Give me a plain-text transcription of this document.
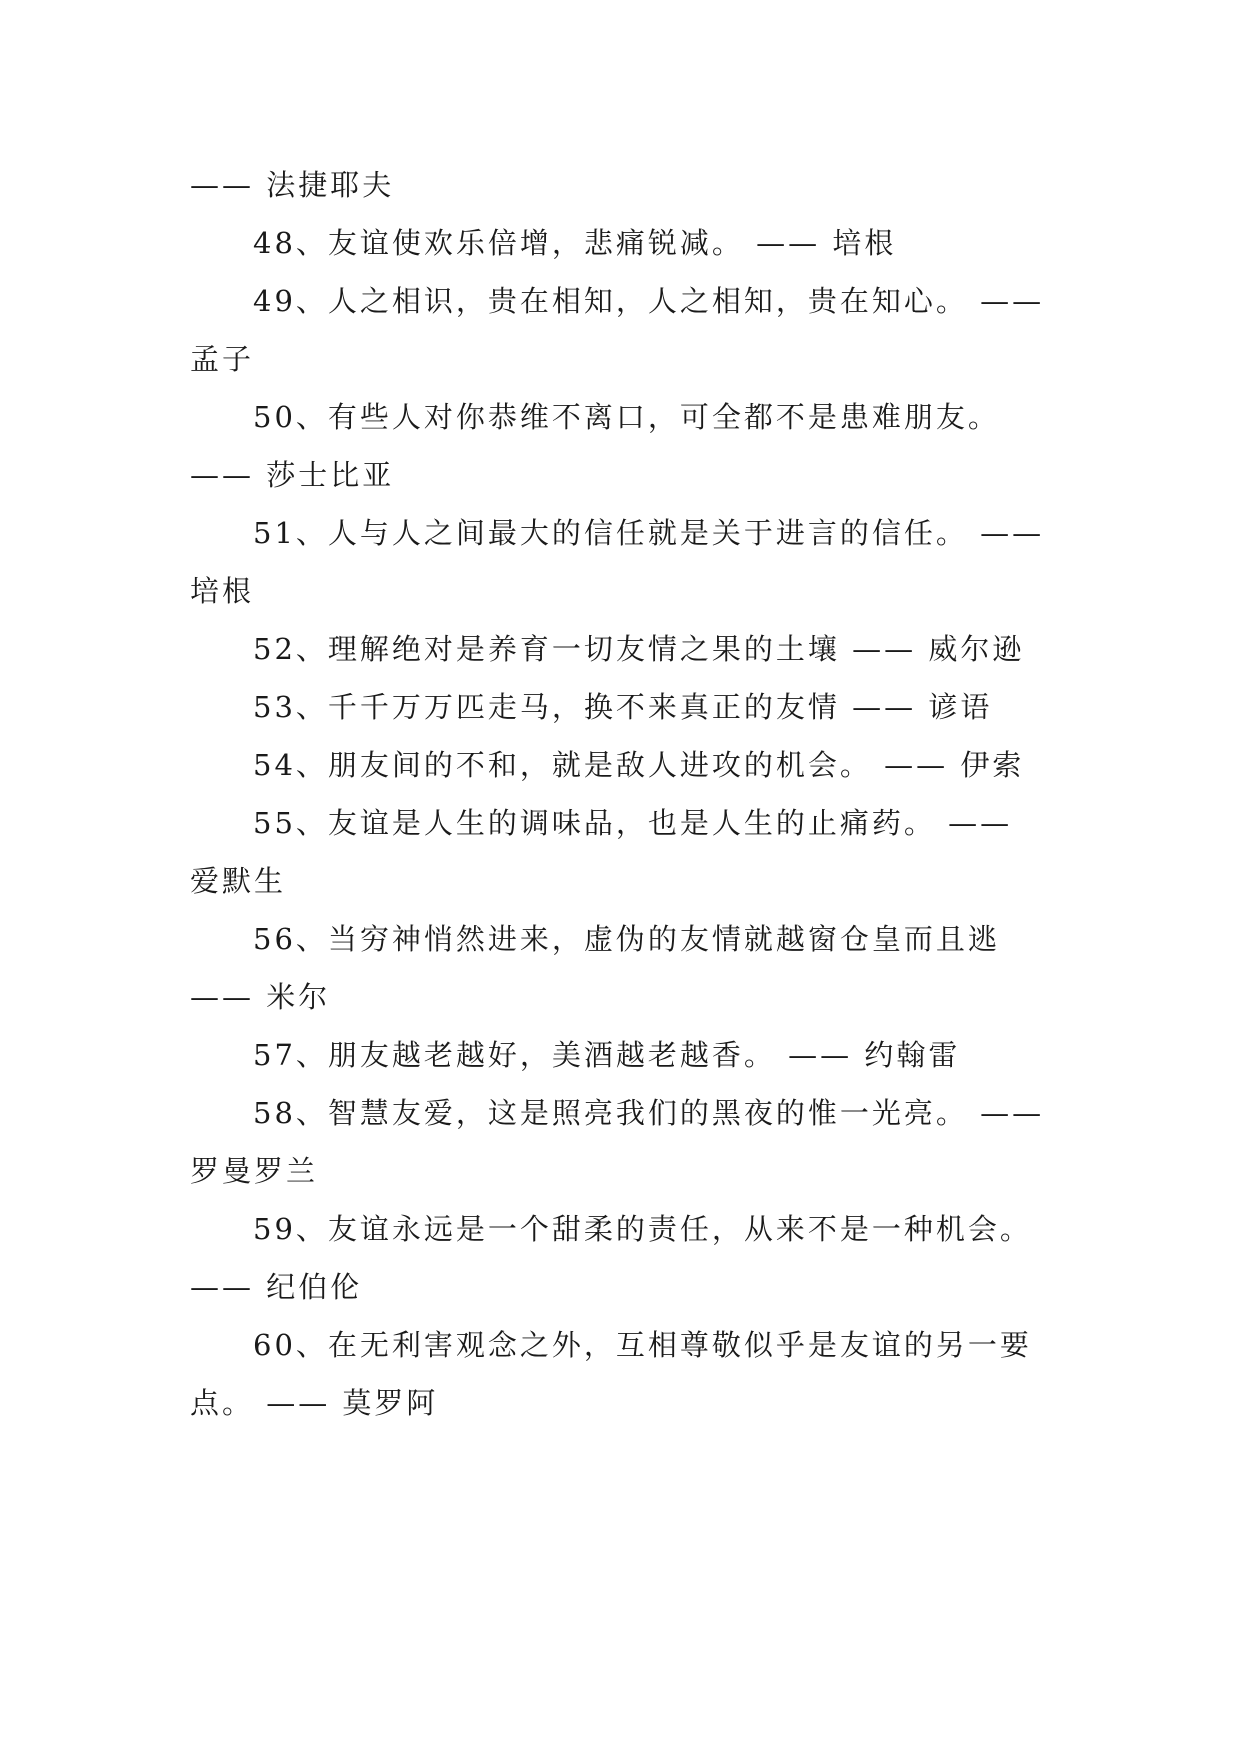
—— 法捷耶夫
48、友谊使欢乐倍增，悲痛锐减。 —— 培根
49、人之相识，贵在相知，人之相知，贵在知心。 ——
孟子
50、有些人对你恭维不离口，可全都不是患难朋友。
—— 莎士比亚
51、人与人之间最大的信任就是关于进言的信任。 ——
培根
52、理解绝对是养育一切友情之果的土壤 —— 威尔逊
53、千千万万匹走马，换不来真正的友情 —— 谚语
54、朋友间的不和，就是敌人进攻的机会。 —— 伊索
55、友谊是人生的调味品，也是人生的止痛药。 ——
爱默生
56、当穷神悄然进来，虚伪的友情就越窗仓皇而且逃
—— 米尔
57、朋友越老越好，美酒越老越香。 —— 约翰雷
58、智慧友爱，这是照亮我们的黑夜的惟一光亮。 ——
罗曼罗兰
59、友谊永远是一个甜柔的责任，从来不是一种机会。
—— 纪伯伦
60、在无利害观念之外，互相尊敬似乎是友谊的另一要
点。 —— 莫罗阿
